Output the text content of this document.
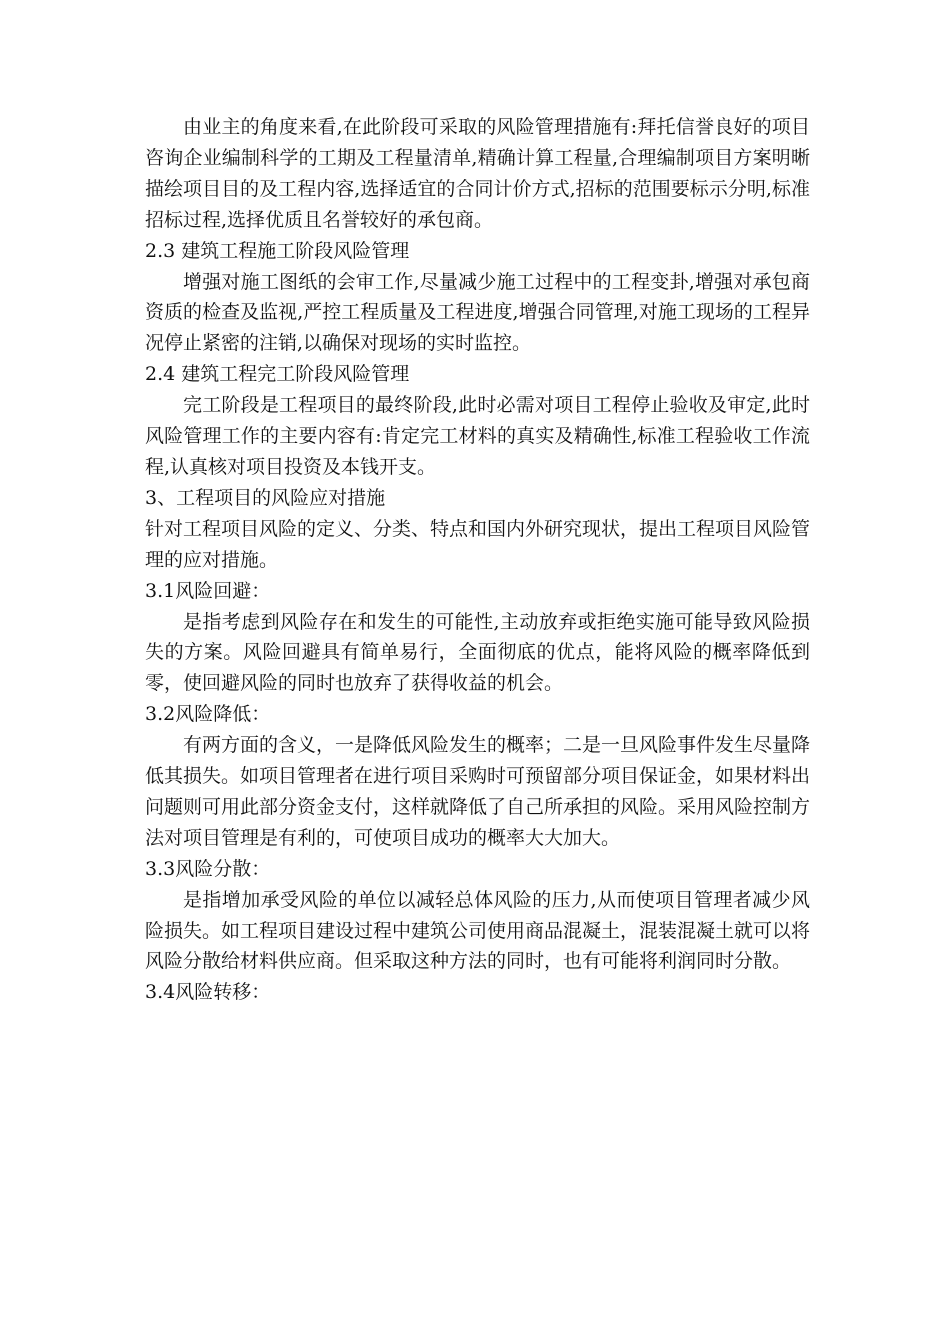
由业主的角度来看,在此阶段可采取的风险管理措施有:拜托信誉良好的项目咨询企业编制科学的工期及工程量清单,精确计算工程量,合理编制项目方案明晰描绘项目目的及工程内容,选择适宜的合同计价方式,招标的范围要标示分明,标准招标过程,选择优质且名誉较好的承包商。

2.3 建筑工程施工阶段风险管理

增强对施工图纸的会审工作,尽量减少施工过程中的工程变卦,增强对承包商资质的检查及监视,严控工程质量及工程进度,增强合同管理,对施工现场的工程异况停止紧密的注销,以确保对现场的实时监控。

2.4 建筑工程完工阶段风险管理

完工阶段是工程项目的最终阶段,此时必需对项目工程停止验收及审定,此时风险管理工作的主要内容有:肯定完工材料的真实及精确性,标准工程验收工作流程,认真核对项目投资及本钱开支。

3、工程项目的风险应对措施

针对工程项目风险的定义、分类、特点和国内外研究现状，提出工程项目风险管理的应对措施。

3.1风险回避：

是指考虑到风险存在和发生的可能性,主动放弃或拒绝实施可能导致风险损失的方案。风险回避具有简单易行，全面彻底的优点，能将风险的概率降低到零，使回避风险的同时也放弃了获得收益的机会。

3.2风险降低：

有两方面的含义，一是降低风险发生的概率；二是一旦风险事件发生尽量降低其损失。如项目管理者在进行项目采购时可预留部分项目保证金，如果材料出问题则可用此部分资金支付，这样就降低了自己所承担的风险。采用风险控制方法对项目管理是有利的，可使项目成功的概率大大加大。

3.3风险分散：

是指增加承受风险的单位以减轻总体风险的压力,从而使项目管理者减少风险损失。如工程项目建设过程中建筑公司使用商品混凝土，混装混凝土就可以将风险分散给材料供应商。但采取这种方法的同时，也有可能将利润同时分散。

3.4风险转移：
